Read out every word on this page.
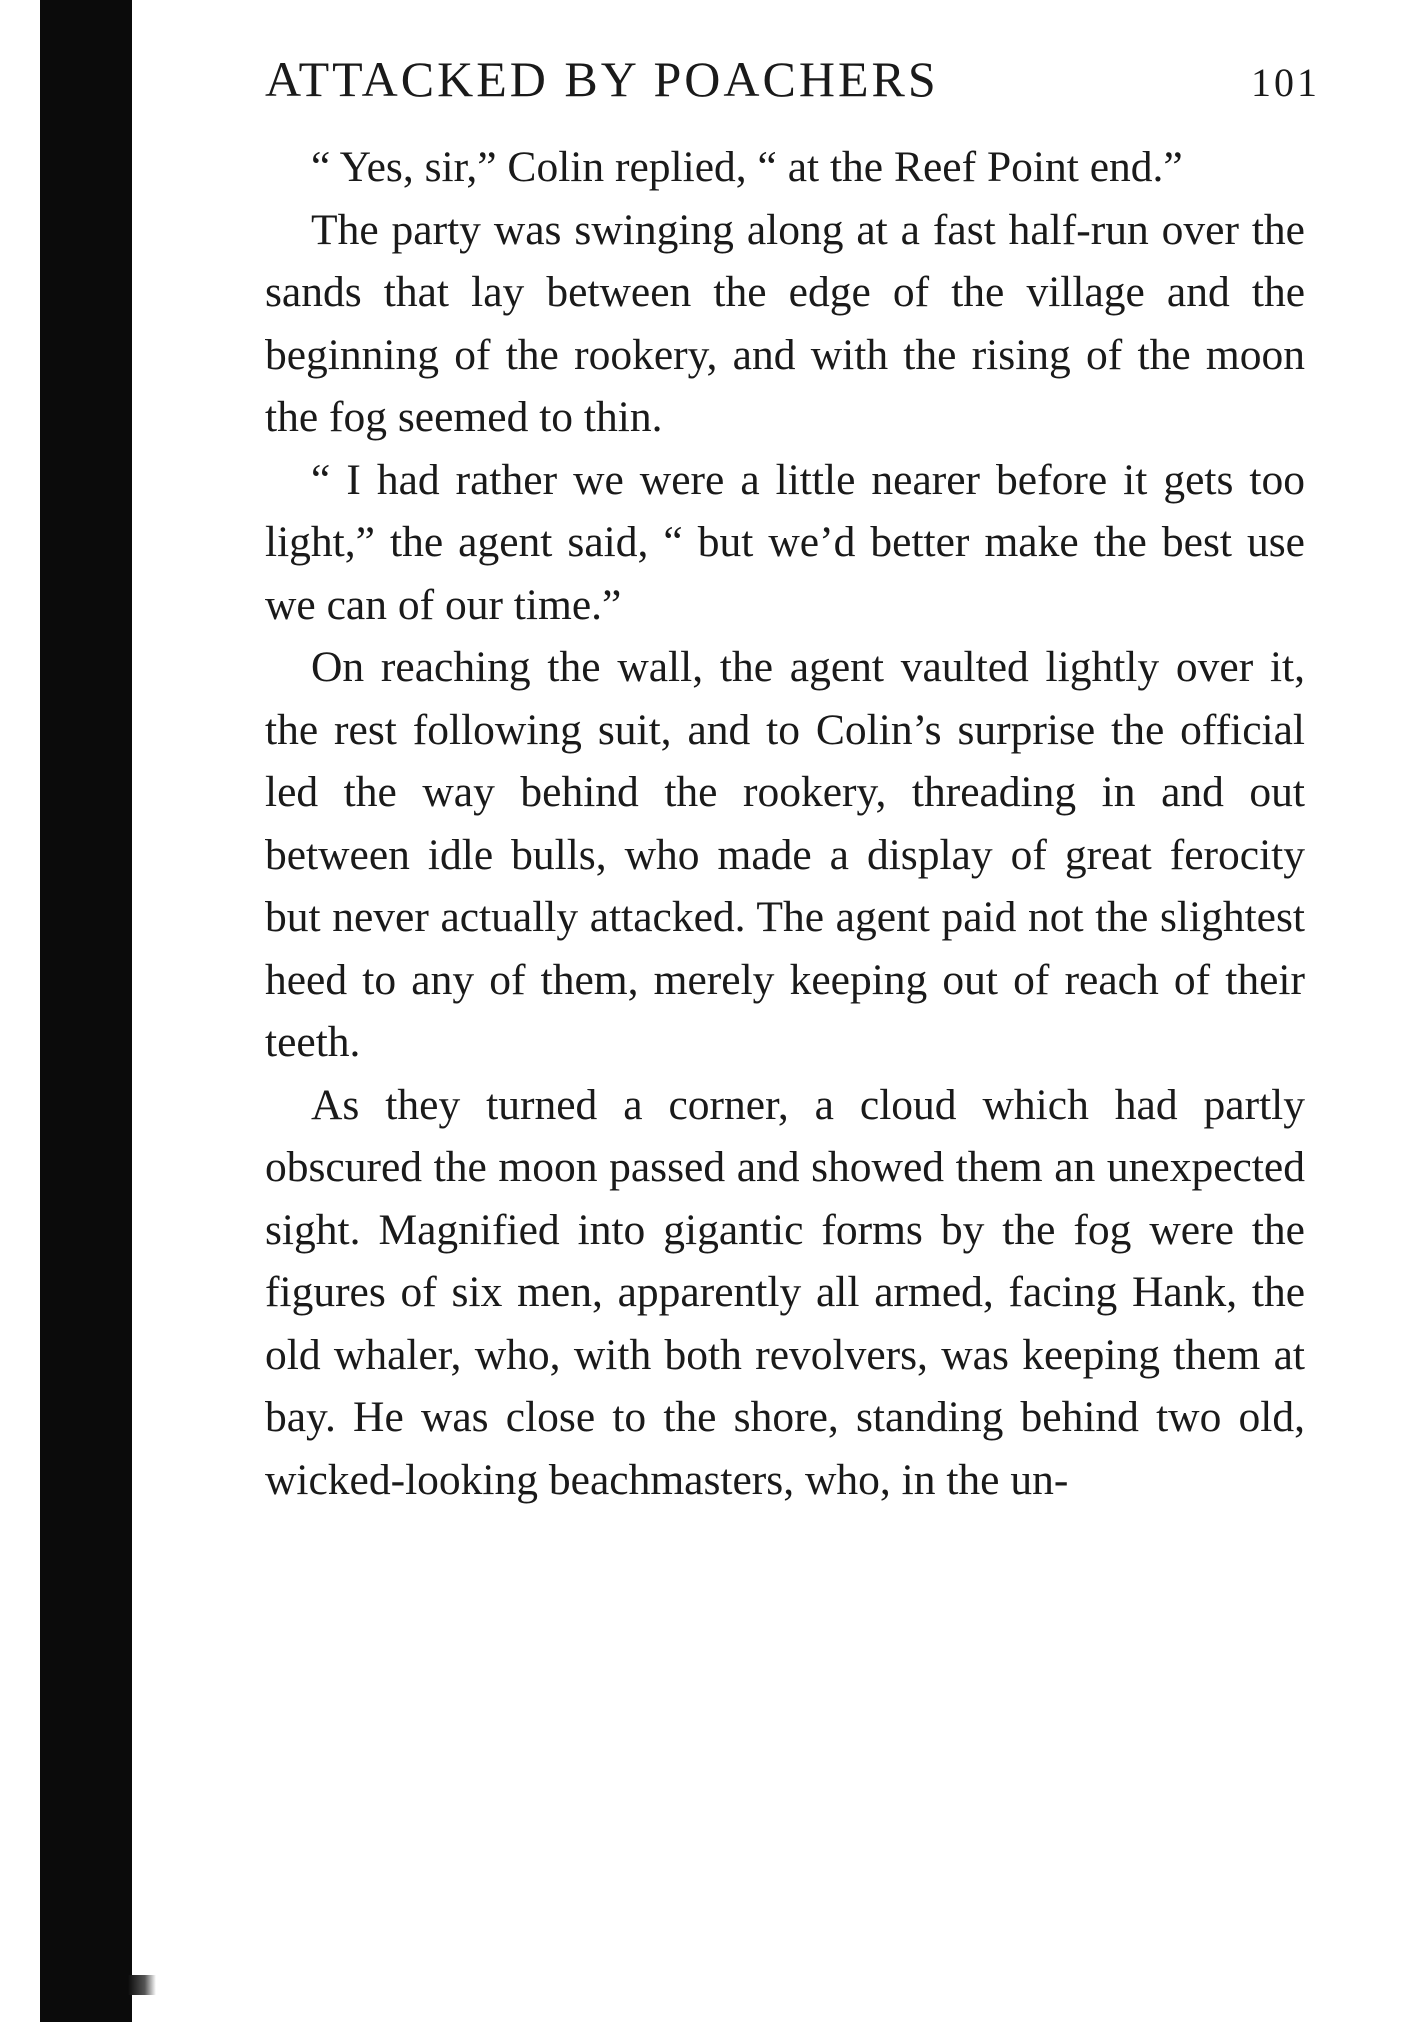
ATTACKED BY POACHERS	101

“ Yes, sir,” Colin replied, “ at the Reef Point end.”

The party was swinging along at a fast half-run over the sands that lay between the edge of the village and the beginning of the rookery, and with the rising of the moon the fog seemed to thin.

“ I had rather we were a little nearer before it gets too light,” the agent said, “ but we’d better make the best use we can of our time.”

On reaching the wall, the agent vaulted lightly over it, the rest following suit, and to Colin’s surprise the official led the way behind the rookery, threading in and out between idle bulls, who made a display of great ferocity but never actually attacked. The agent paid not the slightest heed to any of them, merely keeping out of reach of their teeth.

As they turned a corner, a cloud which had partly obscured the moon passed and showed them an unexpected sight. Magnified into gigantic forms by the fog were the figures of six men, apparently all armed, facing Hank, the old whaler, who, with both revolvers, was keeping them at bay. He was close to the shore, standing behind two old, wicked-looking beachmasters, who, in the un-
